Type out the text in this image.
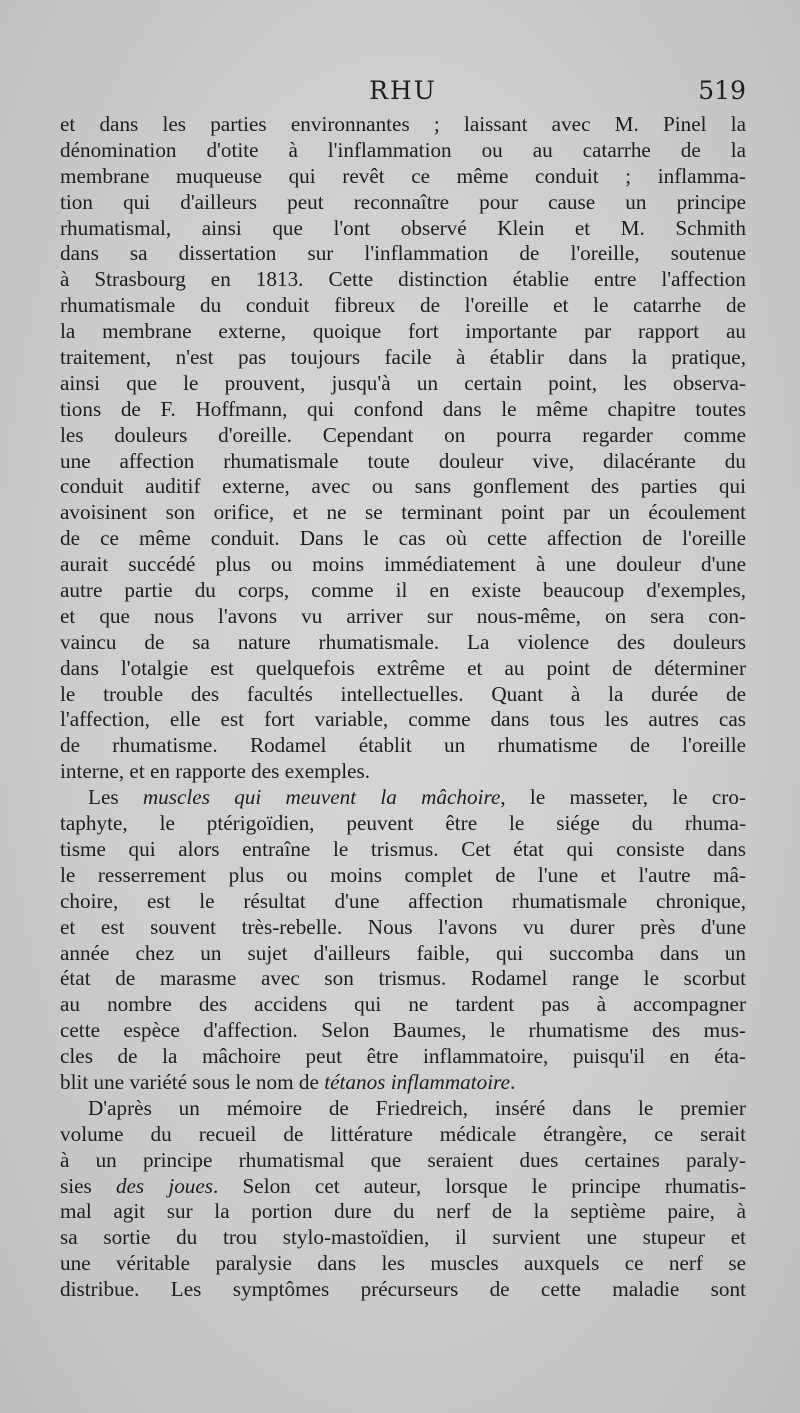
RHU	519
et dans les parties environnantes ; laissant avec M. Pinel la
dénomination d'otite à l'inflammation ou au catarrhe de la
membrane muqueuse qui revêt ce même conduit ; inflamma-
tion qui d'ailleurs peut reconnaître pour cause un principe
rhumatismal, ainsi que l'ont observé Klein et M. Schmith
dans sa dissertation sur l'inflammation de l'oreille, soutenue
à Strasbourg en 1813. Cette distinction établie entre l'affection
rhumatismale du conduit fibreux de l'oreille et le catarrhe de
la membrane externe, quoique fort importante par rapport au
traitement, n'est pas toujours facile à établir dans la pratique,
ainsi que le prouvent, jusqu'à un certain point, les observa-
tions de F. Hoffmann, qui confond dans le même chapitre toutes
les douleurs d'oreille. Cependant on pourra regarder comme
une affection rhumatismale toute douleur vive, dilacérante du
conduit auditif externe, avec ou sans gonflement des parties qui
avoisinent son orifice, et ne se terminant point par un écoulement
de ce même conduit. Dans le cas où cette affection de l'oreille
aurait succédé plus ou moins immédiatement à une douleur d'une
autre partie du corps, comme il en existe beaucoup d'exemples,
et que nous l'avons vu arriver sur nous-même, on sera con-
vaincu de sa nature rhumatismale. La violence des douleurs
dans l'otalgie est quelquefois extrême et au point de déterminer
le trouble des facultés intellectuelles. Quant à la durée de
l'affection, elle est fort variable, comme dans tous les autres cas
de rhumatisme. Rodamel établit un rhumatisme de l'oreille
interne, et en rapporte des exemples.
Les muscles qui meuvent la mâchoire, le masseter, le cro-
taphyte, le ptérigoïdien, peuvent être le siége du rhuma-
tisme qui alors entraîne le trismus. Cet état qui consiste dans
le resserrement plus ou moins complet de l'une et l'autre mâ-
choire, est le résultat d'une affection rhumatismale chronique,
et est souvent très-rebelle. Nous l'avons vu durer près d'une
année chez un sujet d'ailleurs faible, qui succomba dans un
état de marasme avec son trismus. Rodamel range le scorbut
au nombre des accidens qui ne tardent pas à accompagner
cette espèce d'affection. Selon Baumes, le rhumatisme des mus-
cles de la mâchoire peut être inflammatoire, puisqu'il en éta-
blit une variété sous le nom de tétanos inflammatoire.
D'après un mémoire de Friedreich, inséré dans le premier
volume du recueil de littérature médicale étrangère, ce serait
à un principe rhumatismal que seraient dues certaines paraly-
sies des joues. Selon cet auteur, lorsque le principe rhumatis-
mal agit sur la portion dure du nerf de la septième paire, à
sa sortie du trou stylo-mastoïdien, il survient une stupeur et
une véritable paralysie dans les muscles auxquels ce nerf se
distribue. Les symptômes précurseurs de cette maladie sont
